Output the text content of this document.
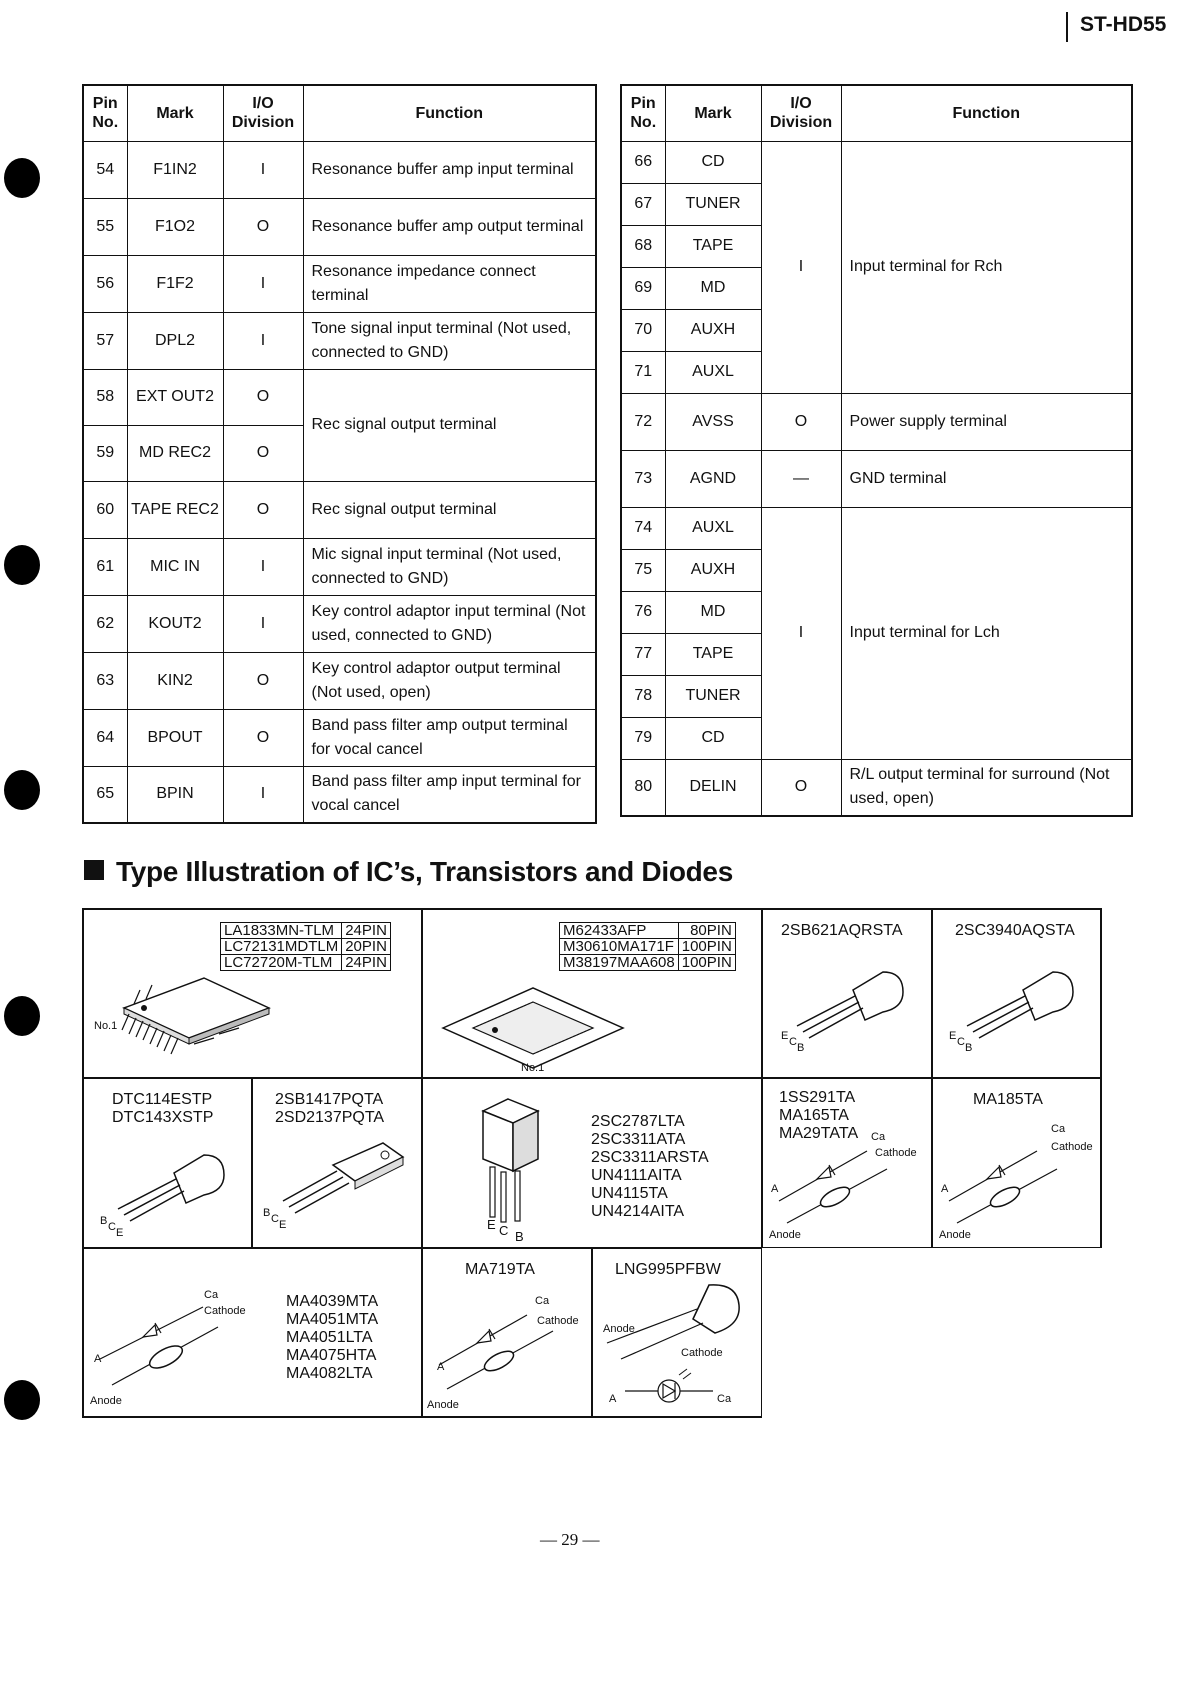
ST-HD55
Pin No.	Mark	I/O Division	Function
54	F1IN2	I	Resonance buffer amp input terminal
55	F1O2	O	Resonance buffer amp output terminal
56	F1F2	I	Resonance impedance connect terminal
57	DPL2	I	Tone signal input terminal (Not used, connected to GND)
58	EXT OUT2	O	Rec signal output terminal
59	MD REC2	O	
60	TAPE REC2	O	Rec signal output terminal
61	MIC IN	I	Mic signal input terminal (Not used, connected to GND)
62	KOUT2	I	Key control adaptor input terminal (Not used, connected to GND)
63	KIN2	O	Key control adaptor output terminal (Not used, open)
64	BPOUT	O	Band pass filter amp output terminal for vocal cancel
65	BPIN	I	Band pass filter amp input terminal for vocal cancel
Pin No.	Mark	I/O Division	Function
66	CD	I	Input terminal for Rch
67	TUNER		
68	TAPE		
69	MD		
70	AUXH		
71	AUXL		
72	AVSS	O	Power supply terminal
73	AGND	—	GND terminal
74	AUXL	I	Input terminal for Lch
75	AUXH		
76	MD		
77	TAPE		
78	TUNER		
79	CD		
80	DELIN	O	R/L output terminal for surround (Not used, open)
Type Illustration of IC’s, Transistors and Diodes
LA1833MN-TLM	24PIN
LC72131MDTLM	20PIN
LC72720M-TLM	24PIN
No.1
M62433AFP	80PIN
M30610MA171F	100PIN
M38197MAA608	100PIN
No.1
2SB621AQRSTA
E C B
2SC3940AQSTA
E C B
DTC114ESTP
DTC143XSTP
B C E
2SB1417PQTA
2SD2137PQTA
B C E	E C B
2SC2787LTA
2SC3311ATA
2SC3311ARSTA
UN4111AITA
UN4115TA
UN4214AITA
1SS291TA
MA165TA
MA29TATA Ca
Cathode
A
Anode
MA185TA
Ca
Cathode
A
Anode
Ca
Cathode
A
Anode
MA4039MTA
MA4051MTA
MA4051LTA
MA4075HTA
MA4082LTA
MA719TA
Ca
Cathode
A
Anode
LNG995PFBW
Anode
Cathode
A	Ca
— 29 —
